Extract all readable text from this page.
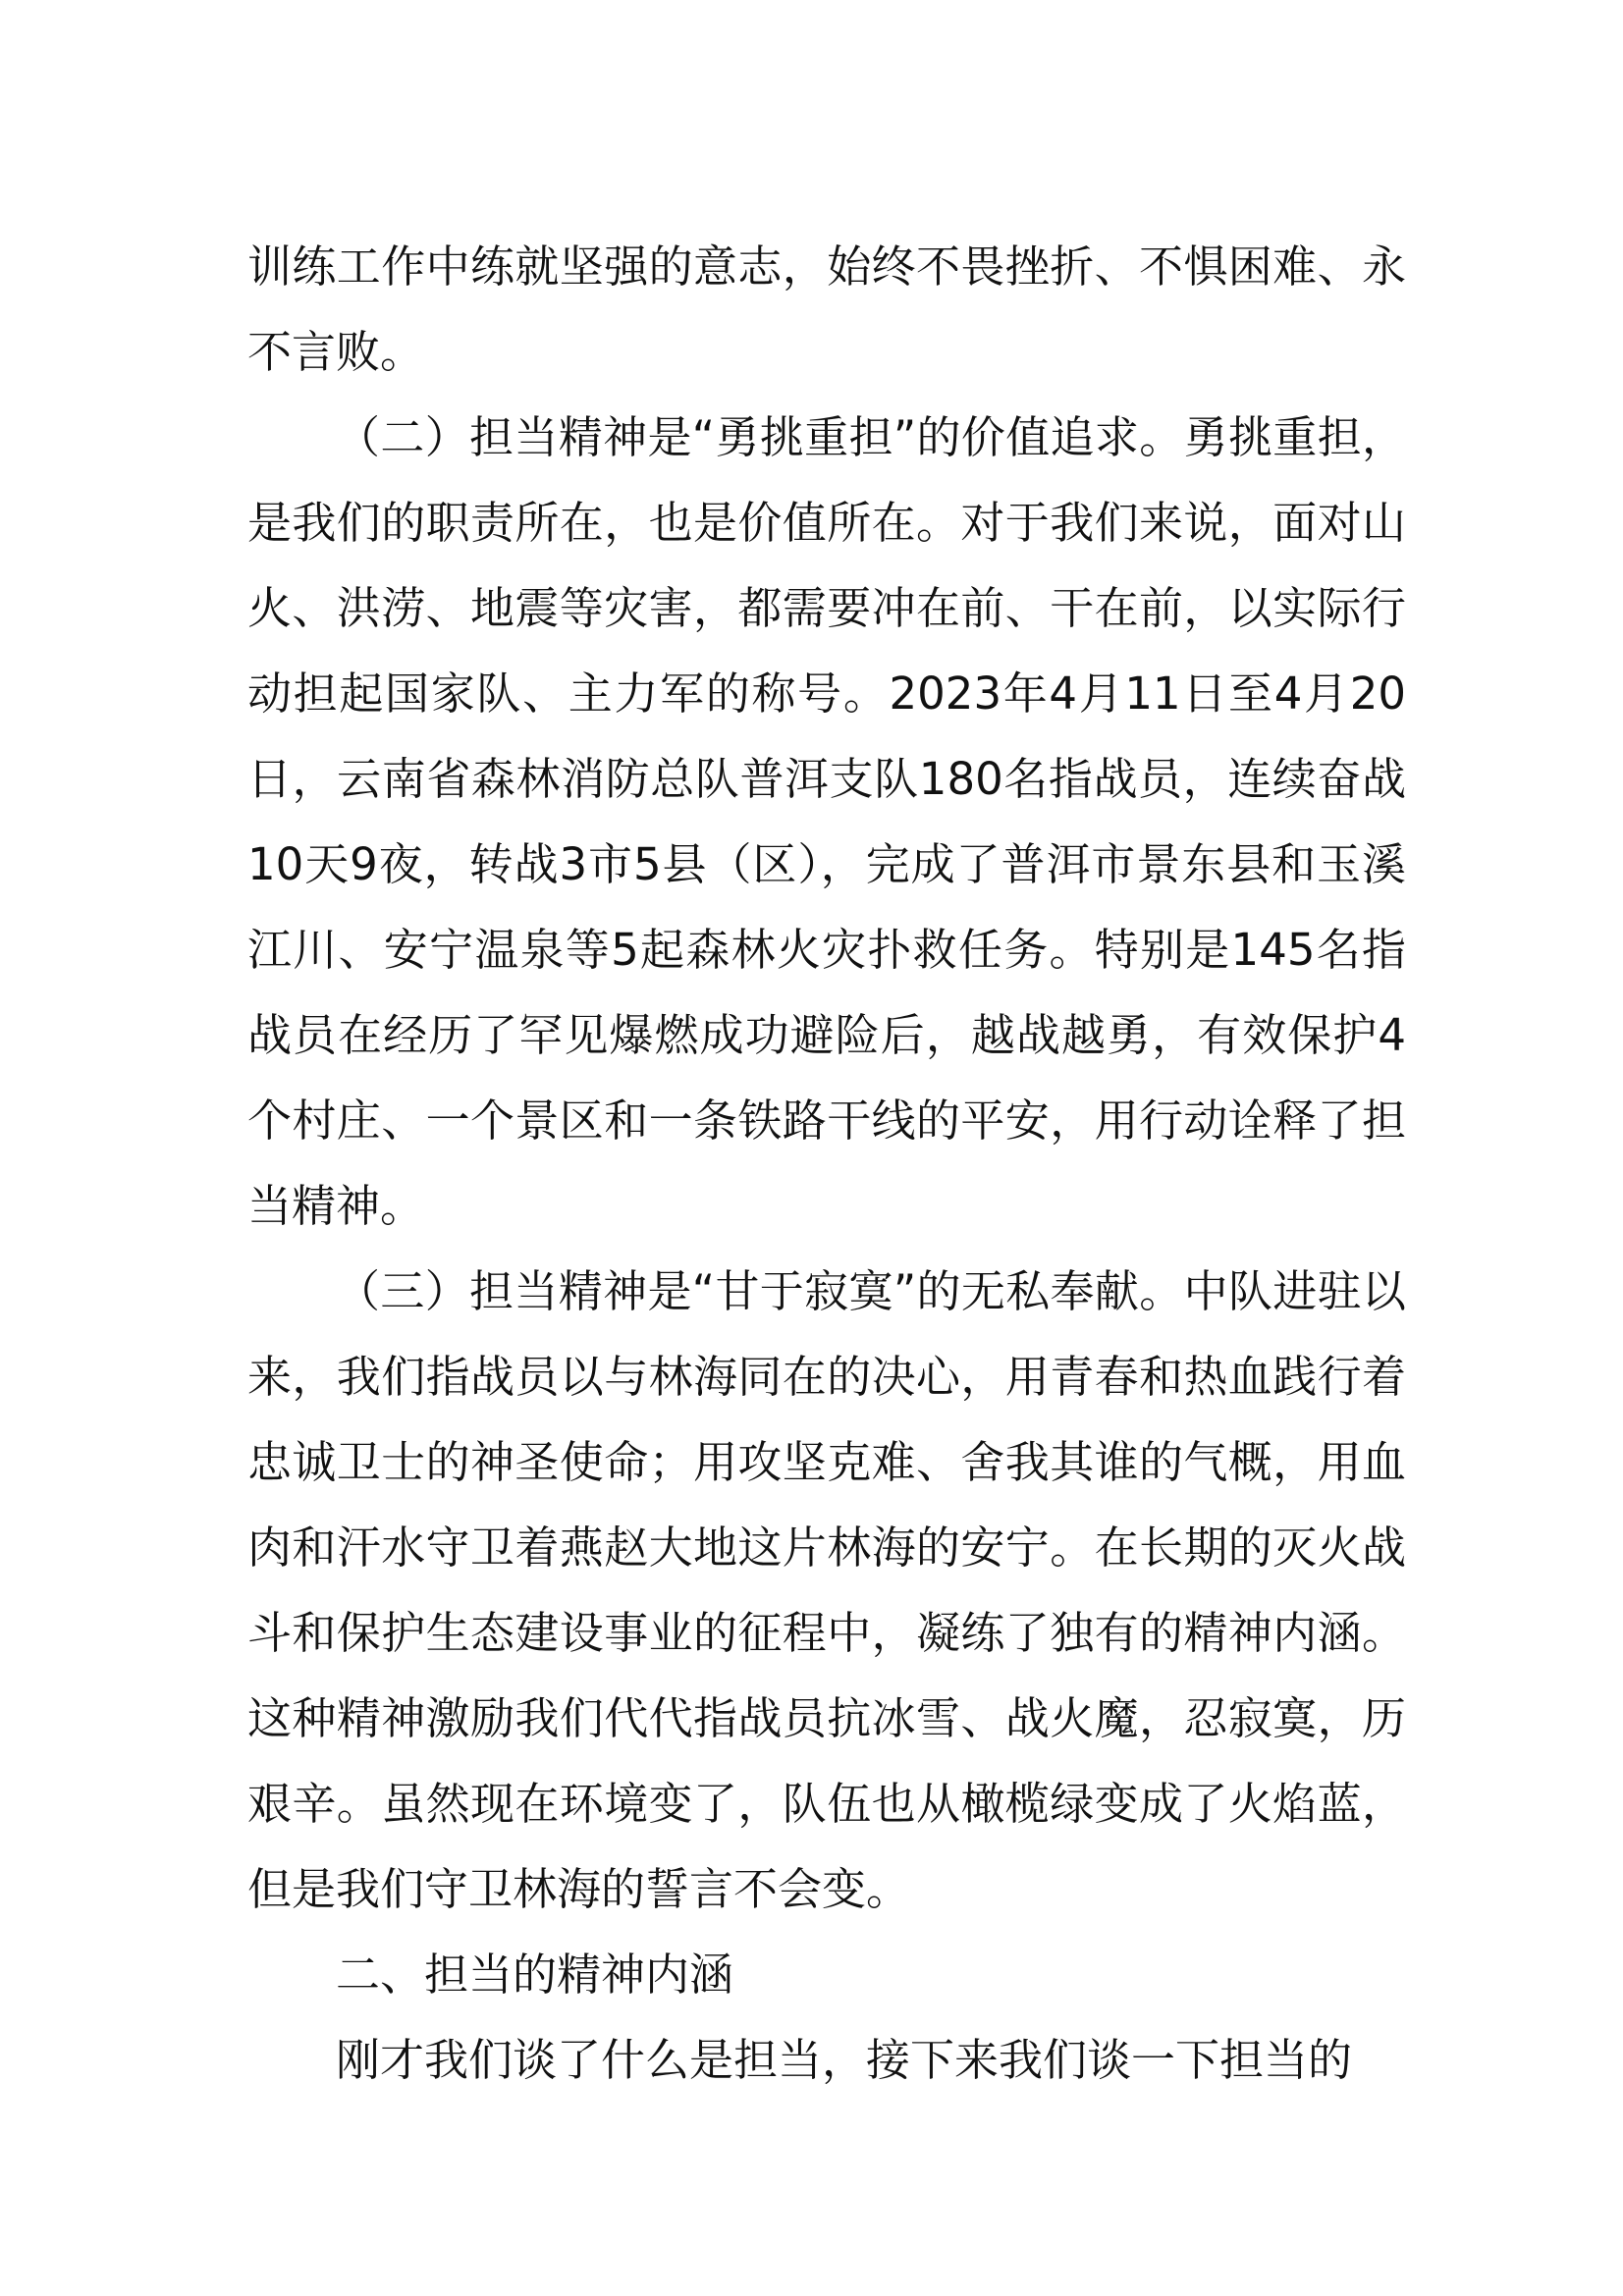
训练工作中练就坚强的意志，始终不畏挫折、不惧困难、永不言败。

（二）担当精神是“勇挑重担”的价值追求。勇挑重担，是我们的职责所在，也是价值所在。对于我们来说，面对山火、洪涝、地震等灾害，都需要冲在前、干在前，以实际行动担起国家队、主力军的称号。2023年4月11日至4月20日，云南省森林消防总队普洱支队180名指战员，连续奋战10天9夜，转战3市5县（区），完成了普洱市景东县和玉溪江川、安宁温泉等5起森林火灾扑救任务。特别是145名指战员在经历了罕见爆燃成功避险后，越战越勇，有效保护4个村庄、一个景区和一条铁路干线的平安，用行动诠释了担当精神。

（三）担当精神是“甘于寂寞”的无私奉献。中队进驻以来，我们指战员以与林海同在的决心，用青春和热血践行着忠诚卫士的神圣使命；用攻坚克难、舍我其谁的气概，用血肉和汗水守卫着燕赵大地这片林海的安宁。在长期的灭火战斗和保护生态建设事业的征程中，凝练了独有的精神内涵。这种精神激励我们代代指战员抗冰雪、战火魔，忍寂寞，历艰辛。虽然现在环境变了，队伍也从橄榄绿变成了火焰蓝，但是我们守卫林海的誓言不会变。

二、担当的精神内涵

刚才我们谈了什么是担当，接下来我们谈一下担当的
